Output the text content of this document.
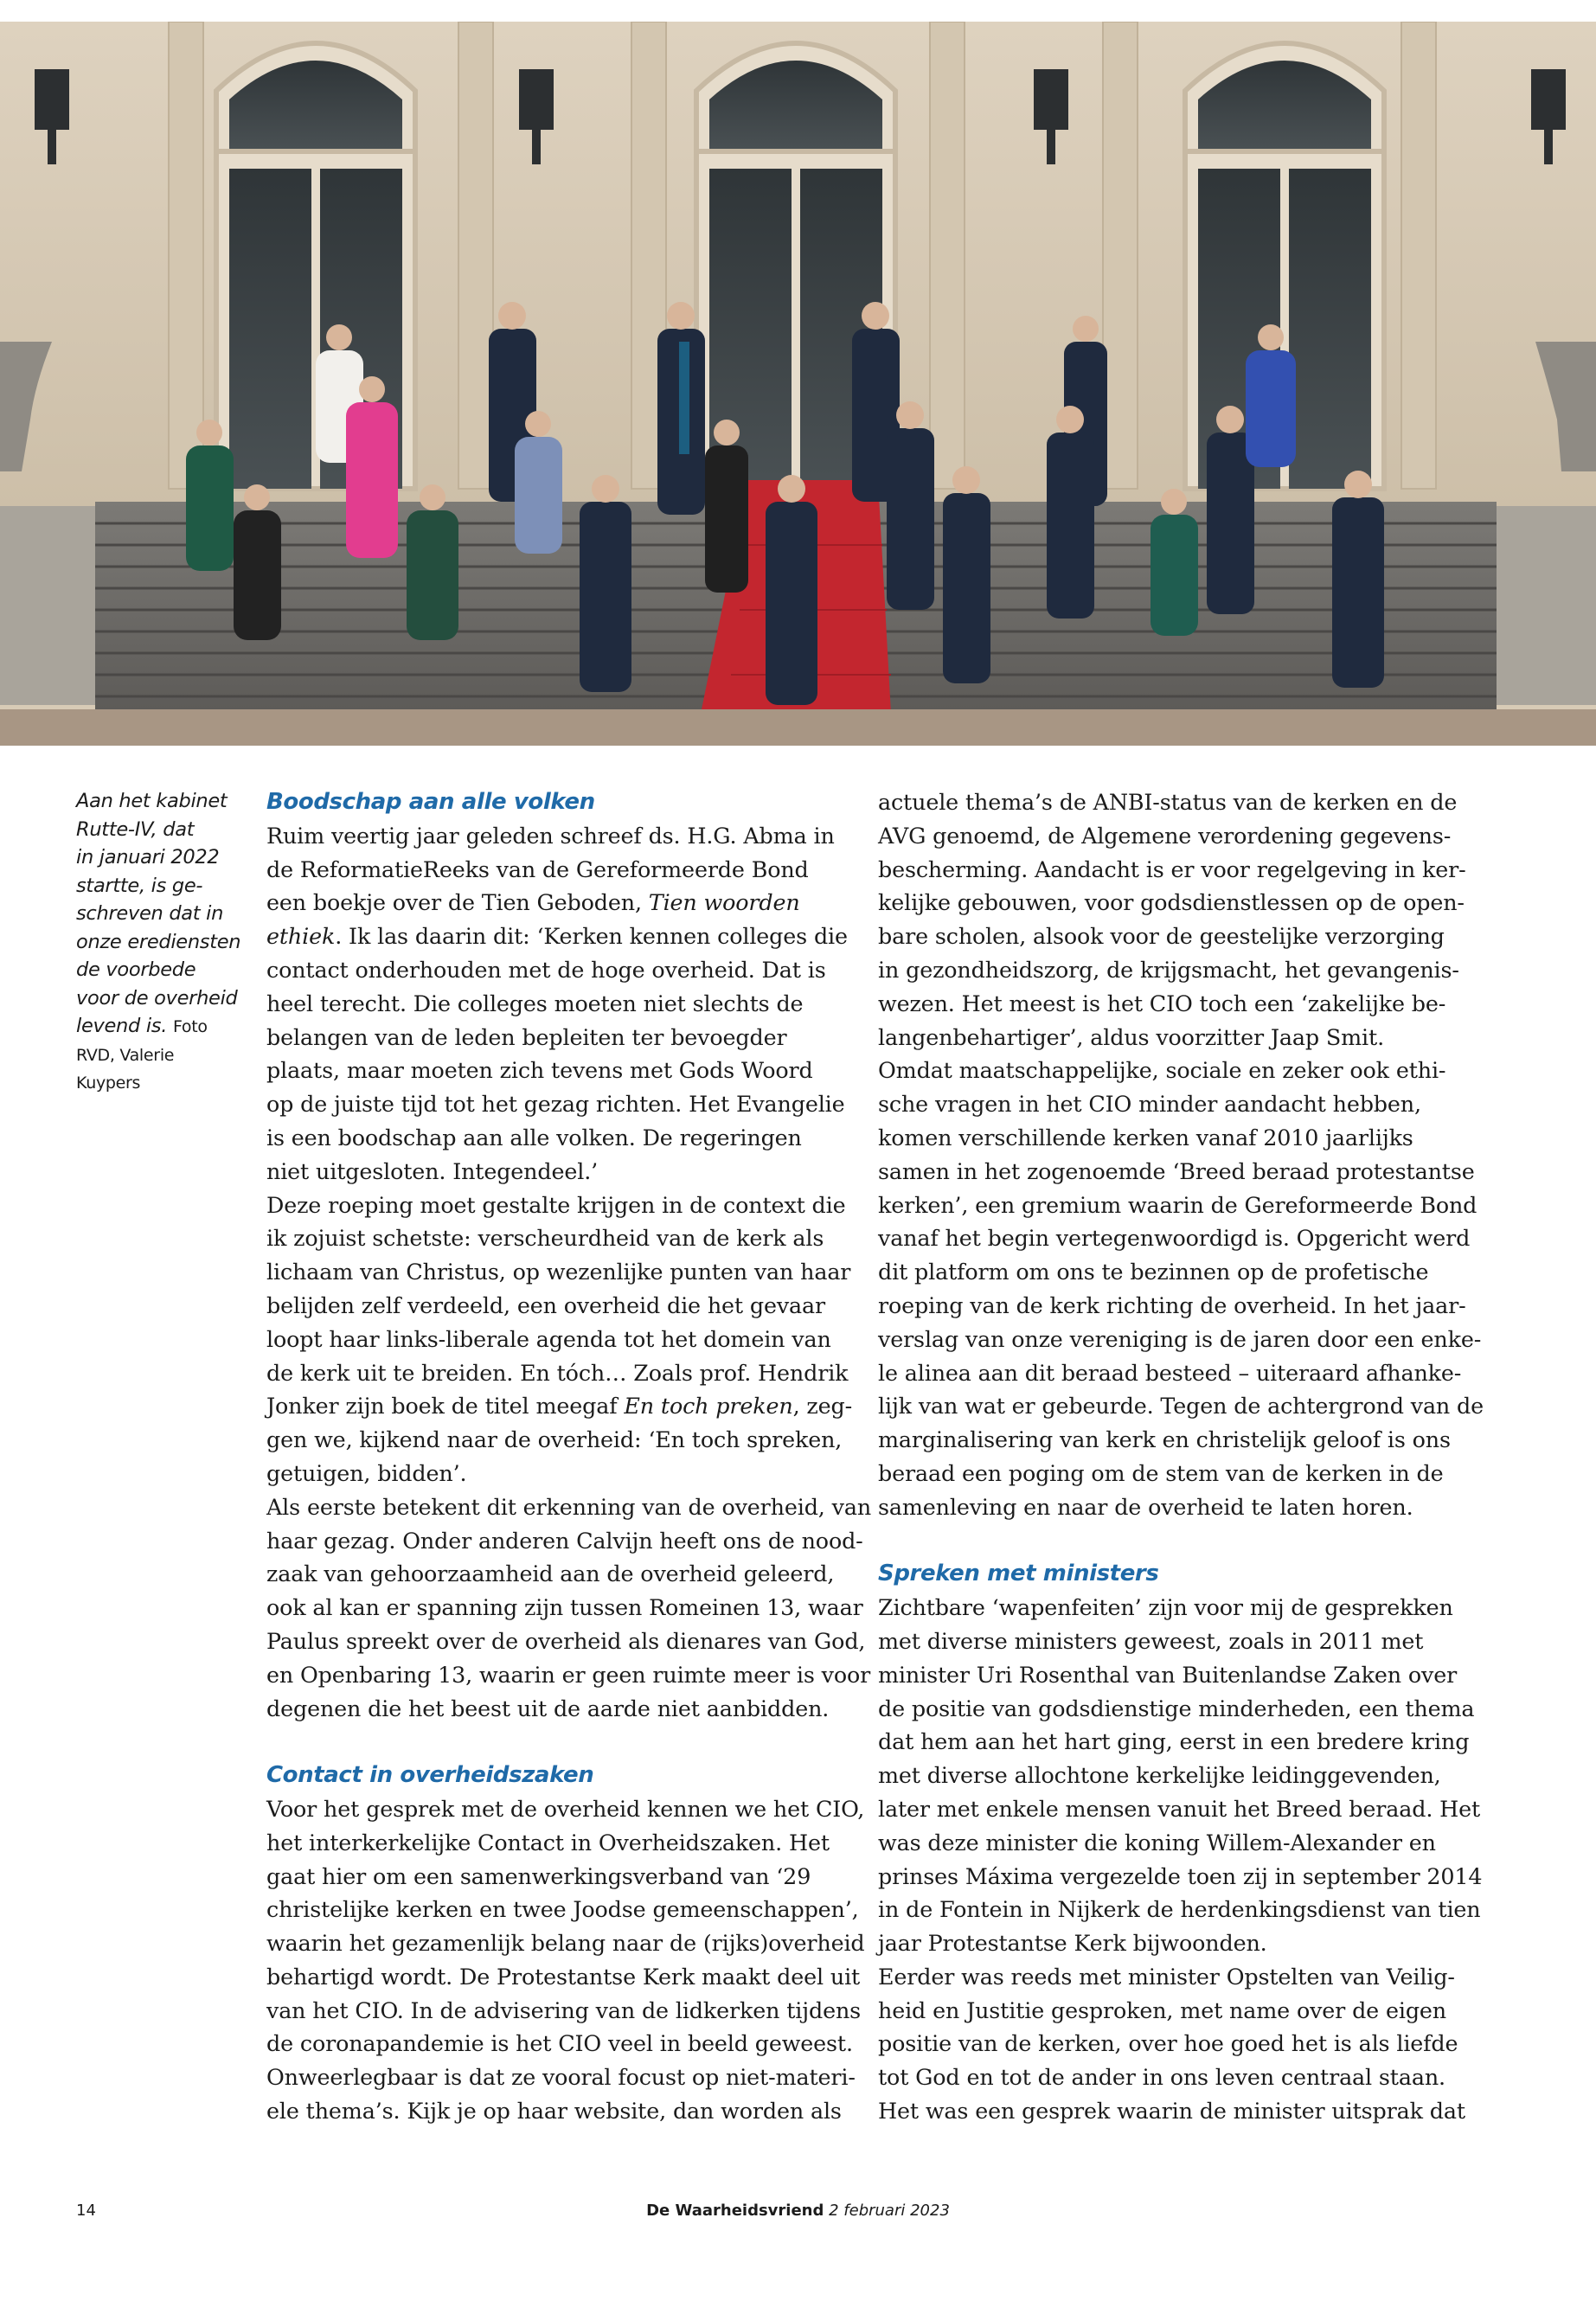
Aan het kabinet
Rutte-IV, dat
in januari 2022
startte, is ge-
schreven dat in
onze erediensten
de voorbede
voor de overheid
levend is. Foto
RVD, Valerie
Kuypers
Boodschap aan alle volken

Ruim veertig jaar geleden schreef ds. H.G. Abma in
de ReformatieReeks van de Gereformeerde Bond
een boekje over de Tien Geboden, Tien woorden
ethiek. Ik las daarin dit: ‘Kerken kennen colleges die
contact onderhouden met de hoge overheid. Dat is
heel terecht. Die colleges moeten niet slechts de
belangen van de leden bepleiten ter bevoegder
plaats, maar moeten zich tevens met Gods Woord
op de juiste tijd tot het gezag richten. Het Evangelie
is een boodschap aan alle volken. De regeringen
niet uitgesloten. Integendeel.’

Deze roeping moet gestalte krijgen in de context die
ik zojuist schetste: verscheurdheid van de kerk als
lichaam van Christus, op wezenlijke punten van haar
belijden zelf verdeeld, een overheid die het gevaar
loopt haar links-liberale agenda tot het domein van
de kerk uit te breiden. En tóch… Zoals prof. Hendrik
Jonker zijn boek de titel meegaf En toch preken, zeg-
gen we, kijkend naar de overheid: ‘En toch spreken,
getuigen, bidden’.

Als eerste betekent dit erkenning van de overheid, van
haar gezag. Onder anderen Calvijn heeft ons de nood-
zaak van gehoorzaamheid aan de overheid geleerd,
ook al kan er spanning zijn tussen Romeinen 13, waar
Paulus spreekt over de overheid als dienares van God,
en Openbaring 13, waarin er geen ruimte meer is voor
degenen die het beest uit de aarde niet aanbidden.

Contact in overheidszaken

Voor het gesprek met de overheid kennen we het CIO,
het interkerkelijke Contact in Overheidszaken. Het
gaat hier om een samenwerkingsverband van ‘29
christelijke kerken en twee Joodse gemeenschappen’,
waarin het gezamenlijk belang naar de (rijks)overheid
behartigd wordt. De Protestantse Kerk maakt deel uit
van het CIO. In de advisering van de lidkerken tijdens
de coronapandemie is het CIO veel in beeld geweest.
Onweerlegbaar is dat ze vooral focust op niet-materi-
ele thema’s. Kijk je op haar website, dan worden als

actuele thema’s de ANBI-status van de kerken en de
AVG genoemd, de Algemene verordening gegevens-
bescherming. Aandacht is er voor regelgeving in ker-
kelijke gebouwen, voor godsdienstlessen op de open-
bare scholen, alsook voor de geestelijke verzorging
in gezondheidszorg, de krijgsmacht, het gevangenis-
wezen. Het meest is het CIO toch een ‘zakelijke be-
langenbehartiger’, aldus voorzitter Jaap Smit.

Omdat maatschappelijke, sociale en zeker ook ethi-
sche vragen in het CIO minder aandacht hebben,
komen verschillende kerken vanaf 2010 jaarlijks
samen in het zogenoemde ‘Breed beraad protestantse
kerken’, een gremium waarin de Gereformeerde Bond
vanaf het begin vertegenwoordigd is. Opgericht werd
dit platform om ons te bezinnen op de profetische
roeping van de kerk richting de overheid. In het jaar-
verslag van onze vereniging is de jaren door een enke-
le alinea aan dit beraad besteed – uiteraard afhanke-
lijk van wat er gebeurde. Tegen de achtergrond van de
marginalisering van kerk en christelijk geloof is ons
beraad een poging om de stem van de kerken in de
samenleving en naar de overheid te laten horen.

Spreken met ministers

Zichtbare ‘wapenfeiten’ zijn voor mij de gesprekken
met diverse ministers geweest, zoals in 2011 met
minister Uri Rosenthal van Buitenlandse Zaken over
de positie van godsdienstige minderheden, een thema
dat hem aan het hart ging, eerst in een bredere kring
met diverse allochtone kerkelijke leidinggevenden,
later met enkele mensen vanuit het Breed beraad. Het
was deze minister die koning Willem-Alexander en
prinses Máxima vergezelde toen zij in september 2014
in de Fontein in Nijkerk de herdenkingsdienst van tien
jaar Protestantse Kerk bijwoonden.

Eerder was reeds met minister Opstelten van Veilig-
heid en Justitie gesproken, met name over de eigen
positie van de kerken, over hoe goed het is als liefde
tot God en tot de ander in ons leven centraal staan.
Het was een gesprek waarin de minister uitsprak dat

14	De Waarheidsvriend 2 februari 2023
